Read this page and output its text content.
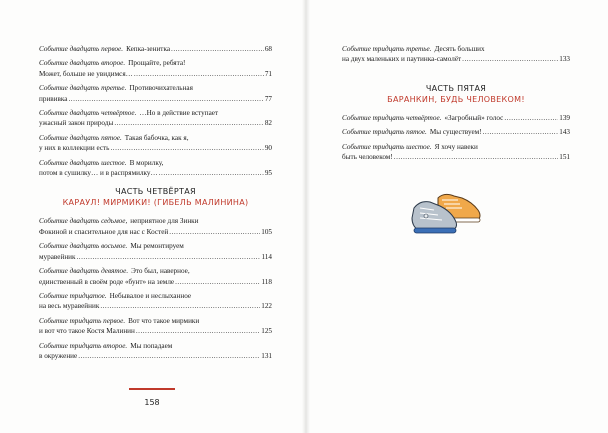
Событие двадцать первое. Кепка-зенитка .....	68
Событие двадцать второе. Прощайте, ребята!
Может, больше не увидимся… .....	71
Событие двадцать третье. Противочихательная
прививка .....	77
Событие двадцать четвёртое. …Но в действие вступает
ужасный закон природы .....	82
Событие двадцать пятое. Такая бабочка, как я,
у них в коллекции есть .....	90
Событие двадцать шестое. В морилку,
потом в сушилку… и в распрямилку… .....	95
ЧАСТЬ ЧЕТВЁРТАЯ
КАРАУЛ! МИРМИКИ! (ГИБЕЛЬ МАЛИНИНА)
Событие двадцать седьмое, неприятное для Зинки
Фокиной и спасительное для нас с Костей .....	105
Событие двадцать восьмое. Мы ремонтируем
муравейник .....	114
Событие двадцать девятое. Это был, наверное,
единственный в своём роде «бунт» на земле .....	118
Событие тридцатое. Небывалое и неслыханное
на весь муравейник .....	122
Событие тридцать первое. Вот что такое мирмики
и вот что такое Костя Малинин .....	125
Событие тридцать второе. Мы попадаем
в окружение .....	131
158
Событие тридцать третье. Десять больших
на двух маленьких и паутинка-самолёт .....	133
ЧАСТЬ ПЯТАЯ
БАРАНКИН, БУДЬ ЧЕЛОВЕКОМ!
Событие тридцать четвёртое. «Загробный» голос .....	139
Событие тридцать пятое. Мы существуем! .....	143
Событие тридцать шестое. Я хочу навеки
быть человеком! .....	151
